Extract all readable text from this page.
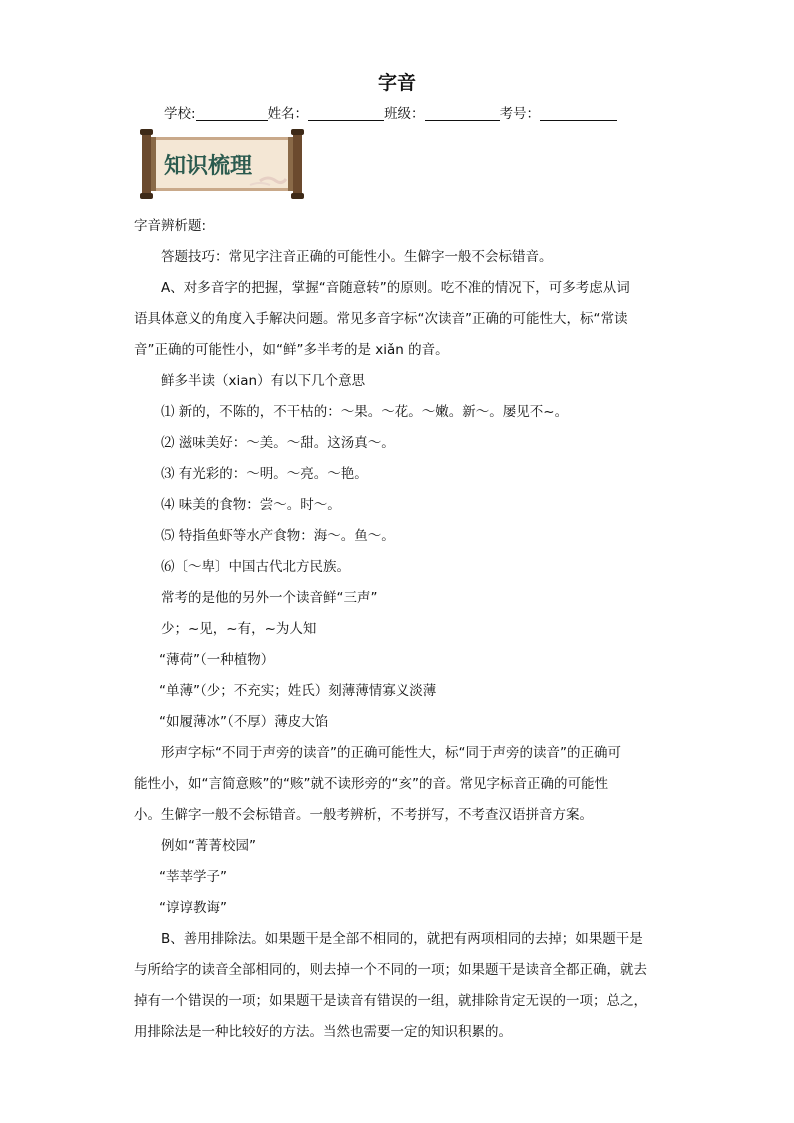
字音
学校:	姓名：	班级：	考号：
知识梳理
字音辨析题:
答题技巧：常见字注音正确的可能性小。生僻字一般不会标错音。
A、对多音字的把握，掌握“音随意转”的原则。吃不准的情况下，可多考虑从词
语具体意义的角度入手解决问题。常见多音字标“次读音”正确的可能性大，标“常读
音”正确的可能性小，如“鲜”多半考的是 xiǎn 的音。
鲜多半读（xian）有以下几个意思
⑴ 新的，不陈的，不干枯的：～果。～花。～嫩。新～。屡见不~。
⑵ 滋味美好：～美。～甜。这汤真～。
⑶ 有光彩的：～明。～亮。～艳。
⑷ 味美的食物：尝～。时～。
⑸ 特指鱼虾等水产食物：海～。鱼～。
⑹〔～卑〕中国古代北方民族。
常考的是他的另外一个读音鲜“三声”
少；~见，~有，~为人知
“薄荷”（一种植物）
“单薄”（少；不充实；姓氏）刻薄薄情寡义淡薄
“如履薄冰”（不厚）薄皮大馅
形声字标“不同于声旁的读音”的正确可能性大，标“同于声旁的读音”的正确可
能性小，如“言简意赅”的“赅”就不读形旁的“亥”的音。常见字标音正确的可能性
小。生僻字一般不会标错音。一般考辨析，不考拼写，不考查汉语拼音方案。
例如“菁菁校园”
“莘莘学子”
“谆谆教诲”
B、善用排除法。如果题干是全部不相同的，就把有两项相同的去掉；如果题干是
与所给字的读音全部相同的，则去掉一个不同的一项；如果题干是读音全都正确，就去
掉有一个错误的一项；如果题干是读音有错误的一组，就排除肯定无误的一项；总之，
用排除法是一种比较好的方法。当然也需要一定的知识积累的。
